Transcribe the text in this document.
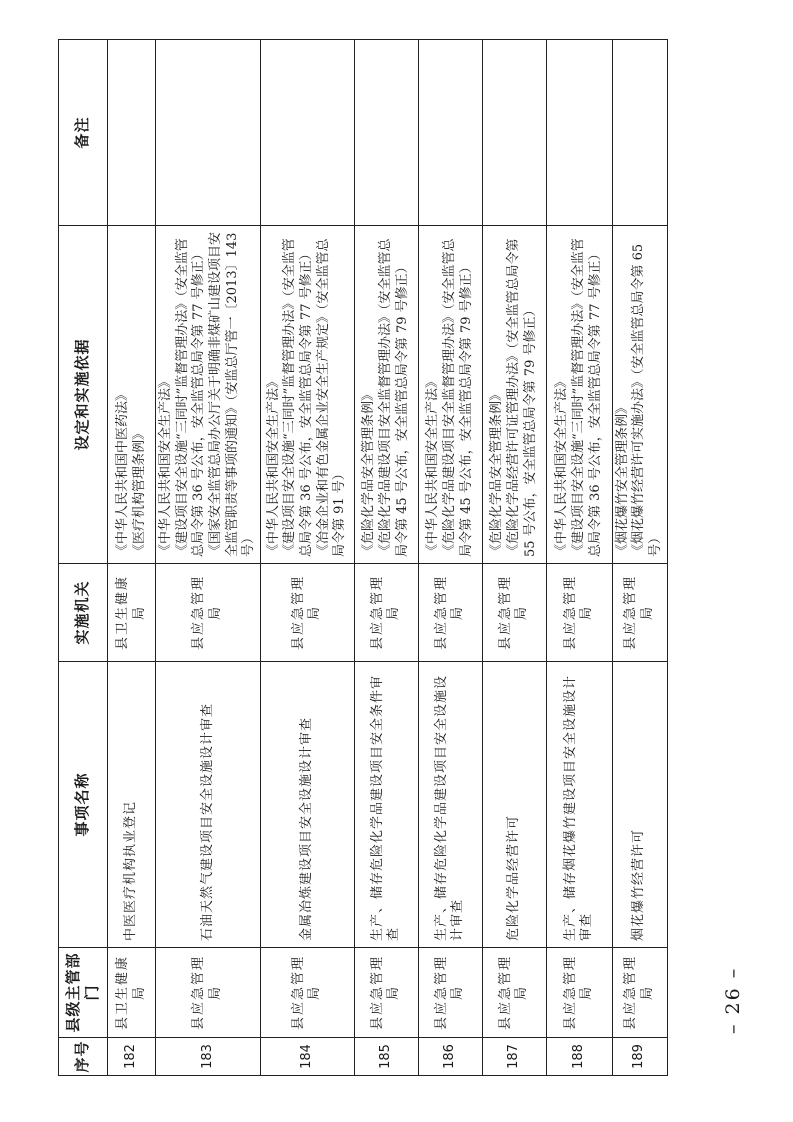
序号	县级主管部门	事项名称	实施机关	设定和实施依据	备注
182	县卫生健康局	中医医疗机构执业登记	县卫生健康局	《中华人民共和国中医药法》 《医疗机构管理条例》	

183	县应急管理局	石油天然气建设项目安全设施设计审查	县应急管理局	《中华人民共和国安全生产法》 《建设项目安全设施“三同时”监督管理办法》（安全监管总局令第 36 号公布，安全监管总局令第 77 号修正） 《国家安全监管总局办公厅关于明确非煤矿山建设项目安全监管职责等事项的通知》（安监总厅管一〔2013〕143 号）	

184	县应急管理局	金属冶炼建设项目安全设施设计审查	县应急管理局	《中华人民共和国安全生产法》 《建设项目安全设施“三同时”监督管理办法》（安全监管总局令第 36 号公布，安全监管总局令第 77 号修正） 《冶金企业和有色金属企业安全生产规定》（安全监管总局令第 91 号）	

185	县应急管理局	生产、储存危险化学品建设项目安全条件审查	县应急管理局	《危险化学品安全管理条例》 《危险化学品建设项目安全监督管理办法》（安全监管总局令第 45 号公布，安全监管总局令第 79 号修正）	

186	县应急管理局	生产、储存危险化学品建设项目安全设施设计审查	县应急管理局	《中华人民共和国安全生产法》 《危险化学品建设项目安全监督管理办法》（安全监管总局令第 45 号公布，安全监管总局令第 79 号修正）	

187	县应急管理局	危险化学品经营许可	县应急管理局	《危险化学品安全管理条例》 《危险化学品经营许可证管理办法》（安全监管总局令第 55 号公布，安全监管总局令第 79 号修正）	

188	县应急管理局	生产、储存烟花爆竹建设项目安全设施设计审查	县应急管理局	《中华人民共和国安全生产法》 《建设项目安全设施“三同时”监督管理办法》（安全监管总局令第 36 号公布，安全监管总局令第 77 号修正）	

189	县应急管理局	烟花爆竹经营许可	县应急管理局	《烟花爆竹安全管理条例》 《烟花爆竹经营许可实施办法》（安全监管总局令第 65 号）	

– 26 –
